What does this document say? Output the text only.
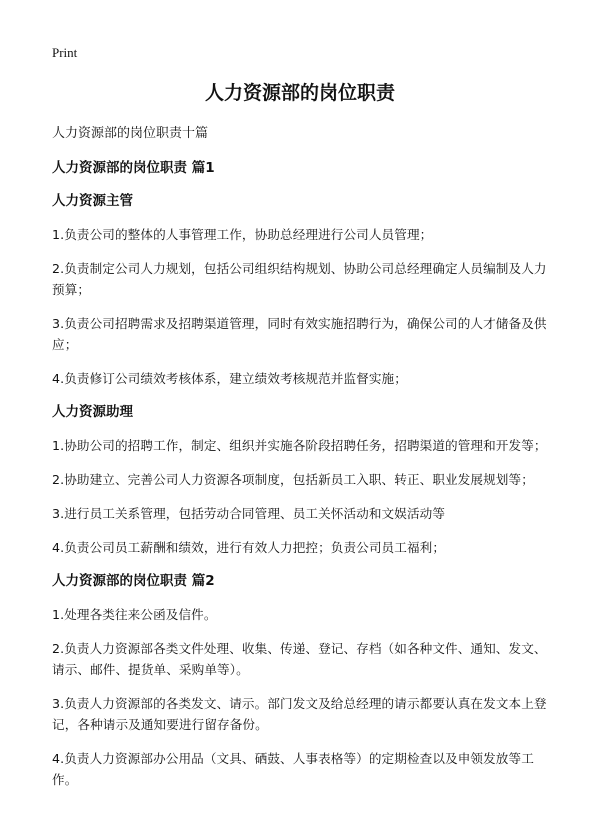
Print
人力资源部的岗位职责

人力资源部的岗位职责十篇

人力资源部的岗位职责 篇1
人力资源主管

1.负责公司的整体的人事管理工作，协助总经理进行公司人员管理；

2.负责制定公司人力规划，包括公司组织结构规划、协助公司总经理确定人员编制及人力预算；

3.负责公司招聘需求及招聘渠道管理，同时有效实施招聘行为，确保公司的人才储备及供应；

4.负责修订公司绩效考核体系，建立绩效考核规范并监督实施；

人力资源助理

1.协助公司的招聘工作，制定、组织并实施各阶段招聘任务，招聘渠道的管理和开发等；

2.协助建立、完善公司人力资源各项制度，包括新员工入职、转正、职业发展规划等；

3.进行员工关系管理，包括劳动合同管理、员工关怀活动和文娱活动等

4.负责公司员工薪酬和绩效，进行有效人力把控；负责公司员工福利；

人力资源部的岗位职责 篇2

1.处理各类往来公函及信件。

2.负责人力资源部各类文件处理、收集、传递、登记、存档（如各种文件、通知、发文、请示、邮件、提货单、采购单等）。

3.负责人力资源部的各类发文、请示。部门发文及给总经理的请示都要认真在发文本上登记，各种请示及通知要进行留存备份。

4.负责人力资源部办公用品（文具、硒鼓、人事表格等）的定期检查以及申领发放等工作。
